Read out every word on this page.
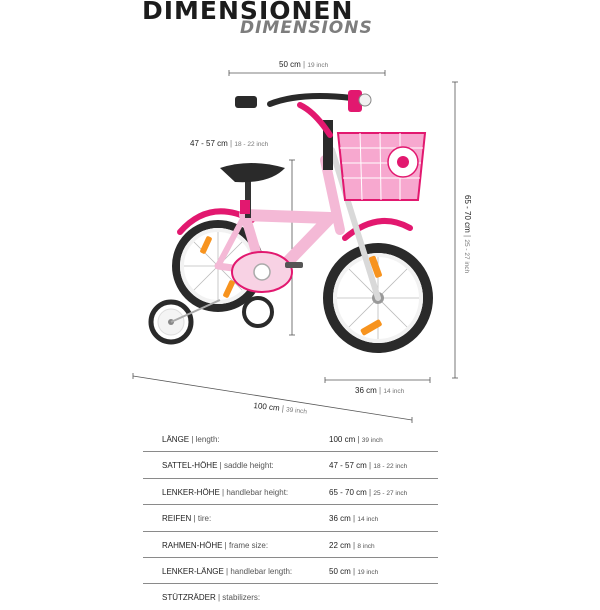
DIMENSIONEN
DIMENSIONS
50 cm | 19 inch
47 - 57 cm | 18 - 22 inch
65 - 70 cm | 25 - 27 inch
36 cm | 14 inch
100 cm | 39 inch
LÄNGE | length:	100 cm | 39 inch
SATTEL-HÖHE | saddle height:	47 - 57 cm | 18 - 22 inch
LENKER-HÖHE | handlebar height:	65 - 70 cm | 25 - 27 inch
REIFEN | tire:	36 cm | 14 inch
RAHMEN-HÖHE | frame size:	22 cm | 8 inch
LENKER-LÄNGE | handlebar length:	50 cm | 19 inch
STÜTZRÄDER | stabilizers:
